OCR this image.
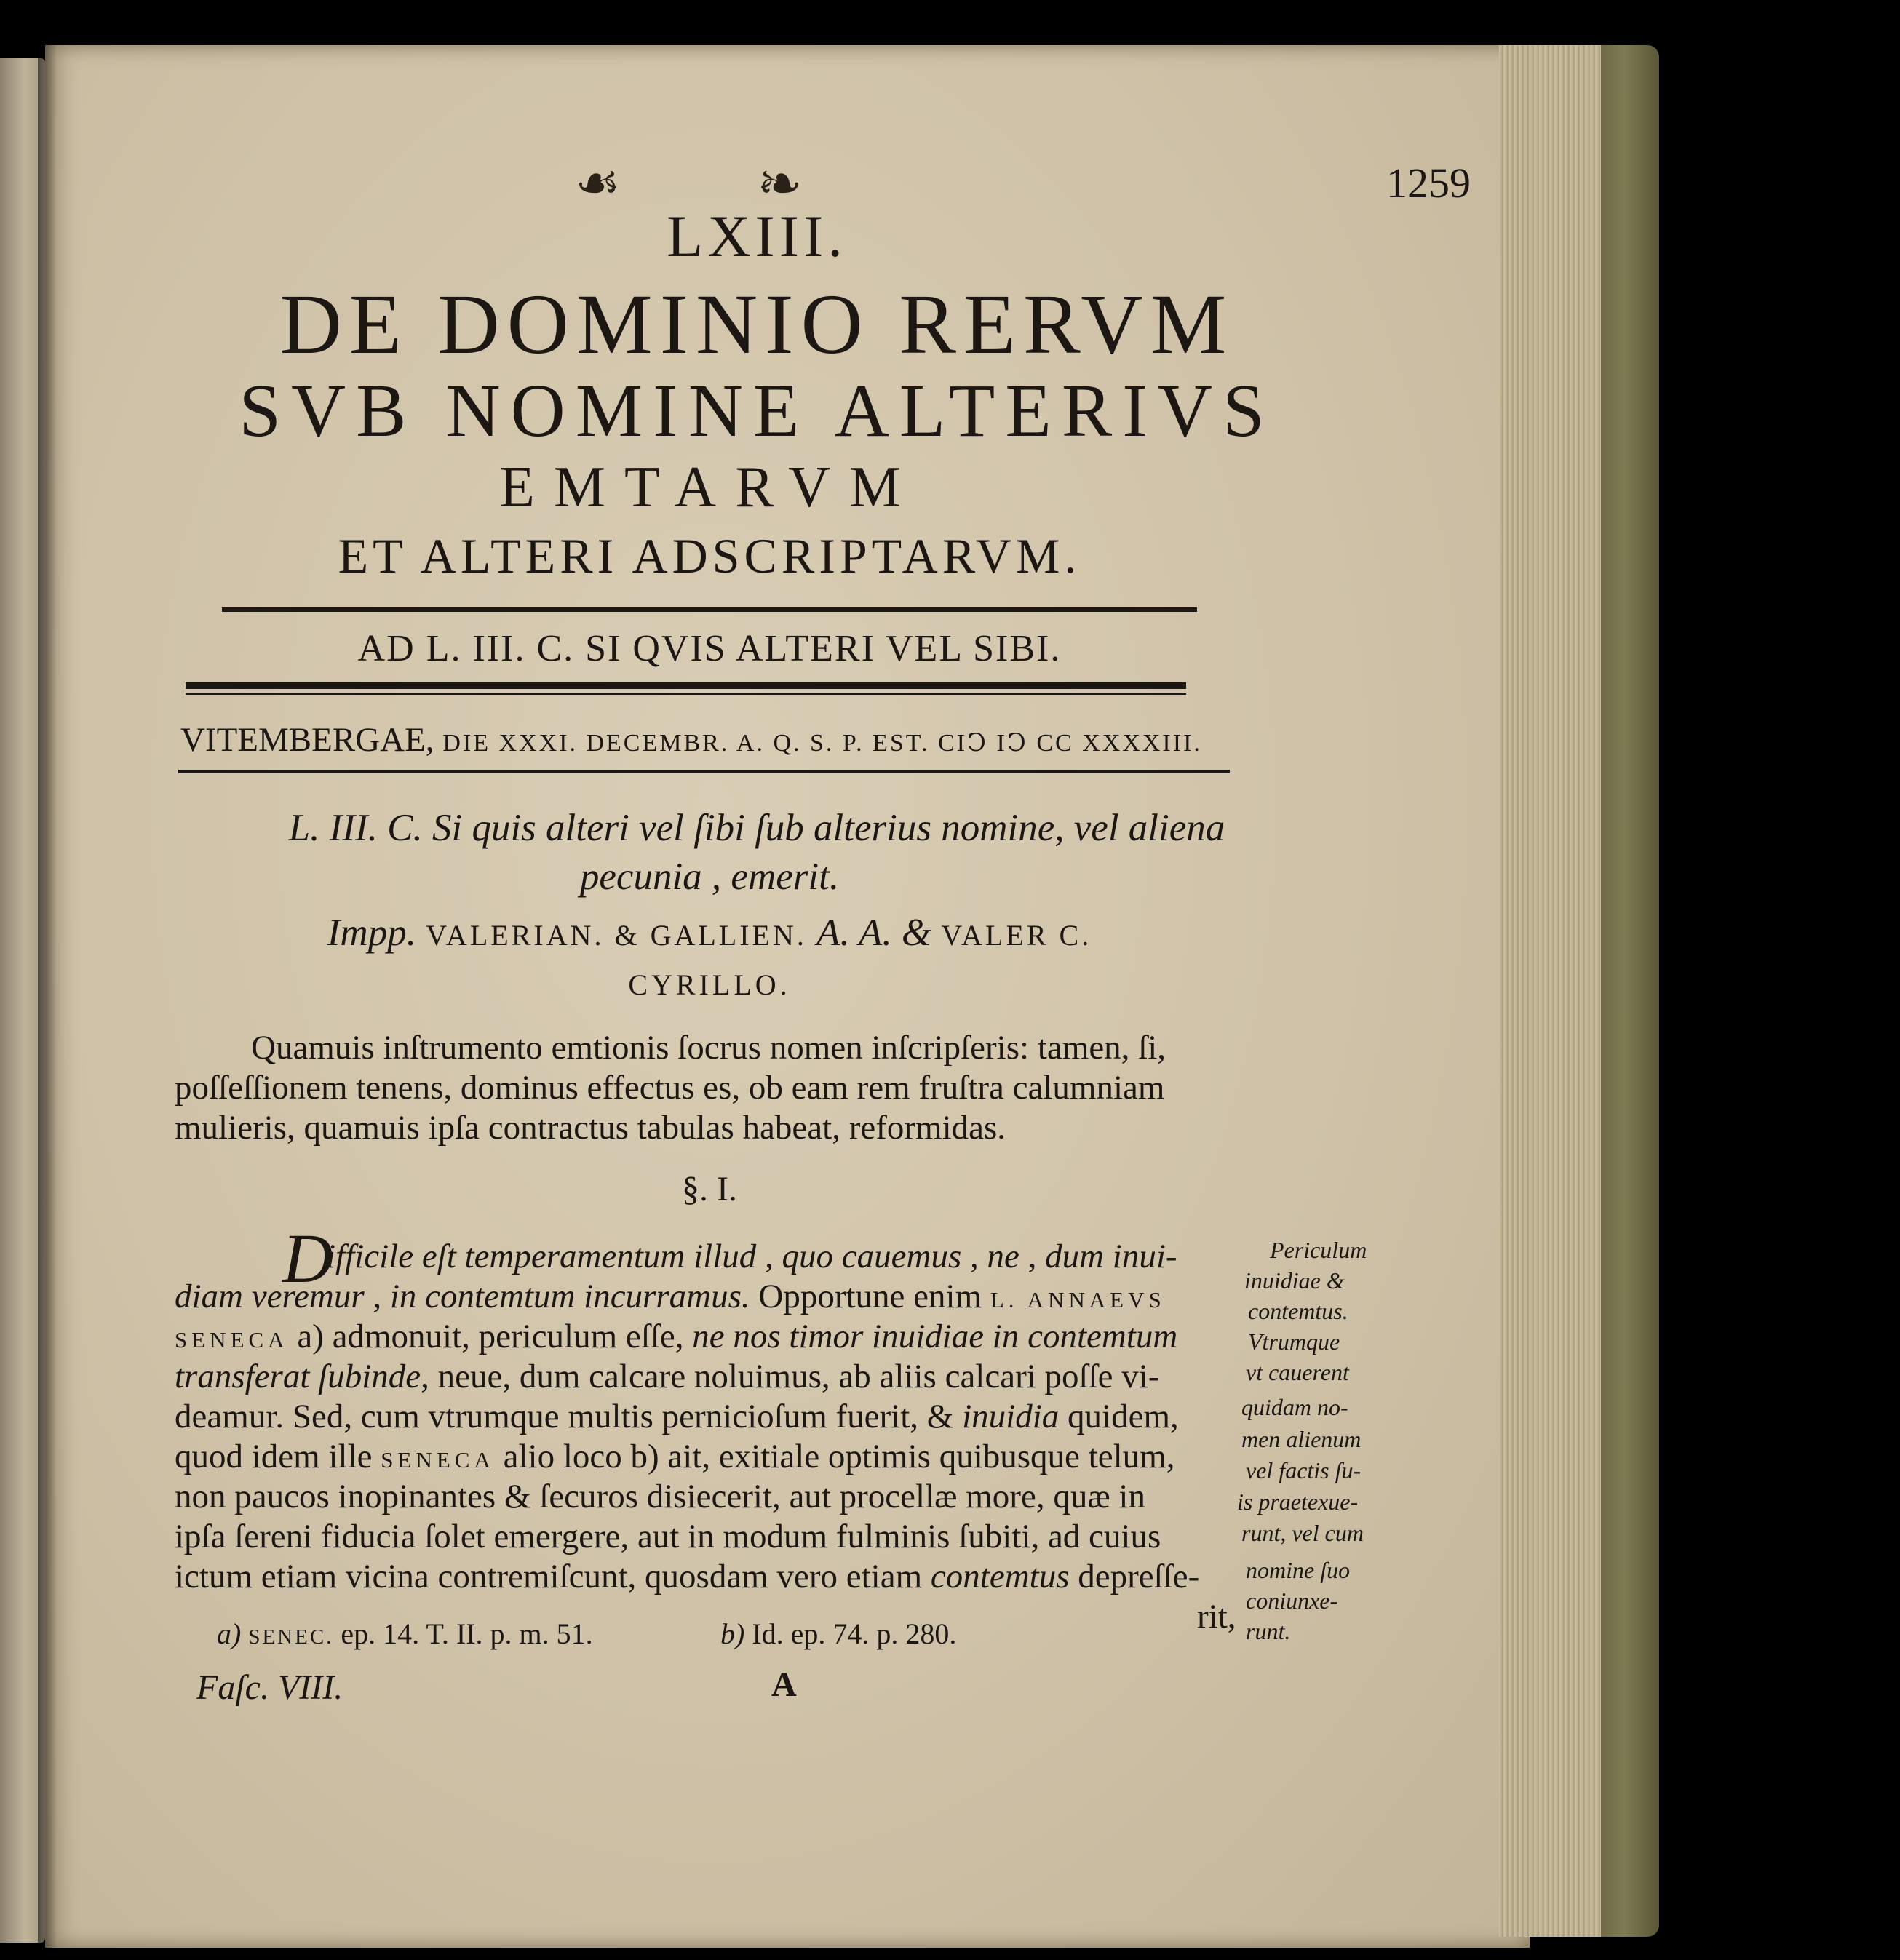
☙	☙	1259
LXIII.
DE DOMINIO RERVM
SVB NOMINE ALTERIVS
EMTARVM
ET ALTERI ADSCRIPTARVM.
AD L. III. C. SI QVIS ALTERI VEL SIBI.
VITEMBERGAE, DIE XXXI. DECEMBR. A. Q. S. P. EST. CIↃ IↃ CC XXXXIII.
L. III. C. Si quis alteri vel ſibi ſub alterius nomine, vel aliena
pecunia , emerit.
Impp. VALERIAN. & GALLIEN. A. A. & VALER C.
CYRILLO.
Quamuis inſtrumento emtionis ſocrus nomen inſcripſeris: tamen, ſi,
poſſeſſionem tenens, dominus effectus es, ob eam rem fruſtra calumniam
mulieris, quamuis ipſa contractus tabulas habeat, reformidas.
§. I.
D
ifficile eſt temperamentum illud , quo cauemus , ne , dum inui-
diam veremur , in contemtum incurramus. Opportune enim L. ANNAEVS
SENECA a) admonuit, periculum eſſe, ne nos timor inuidiae in contemtum
transferat ſubinde, neue, dum calcare noluimus, ab aliis calcari poſſe vi-
deamur. Sed, cum vtrumque multis pernicioſum fuerit, & inuidia quidem,
quod idem ille SENECA alio loco b) ait, exitiale optimis quibusque telum,
non paucos inopinantes & ſecuros disiecerit, aut procellæ more, quæ in
ipſa ſereni fiducia ſolet emergere, aut in modum fulminis ſubiti, ad cuius
ictum etiam vicina contremiſcunt, quosdam vero etiam contemtus depreſſe-
rit,
Periculum
inuidiae &
contemtus.
Vtrumque
vt cauerent
quidam no-
men alienum
vel factis ſu-
is praetexue-
runt, vel cum
nomine ſuo
coniunxe-
runt.
a) SENEC. ep. 14. T. II. p. m. 51.	b) Id. ep. 74. p. 280.
Faſc. VIII.	A
